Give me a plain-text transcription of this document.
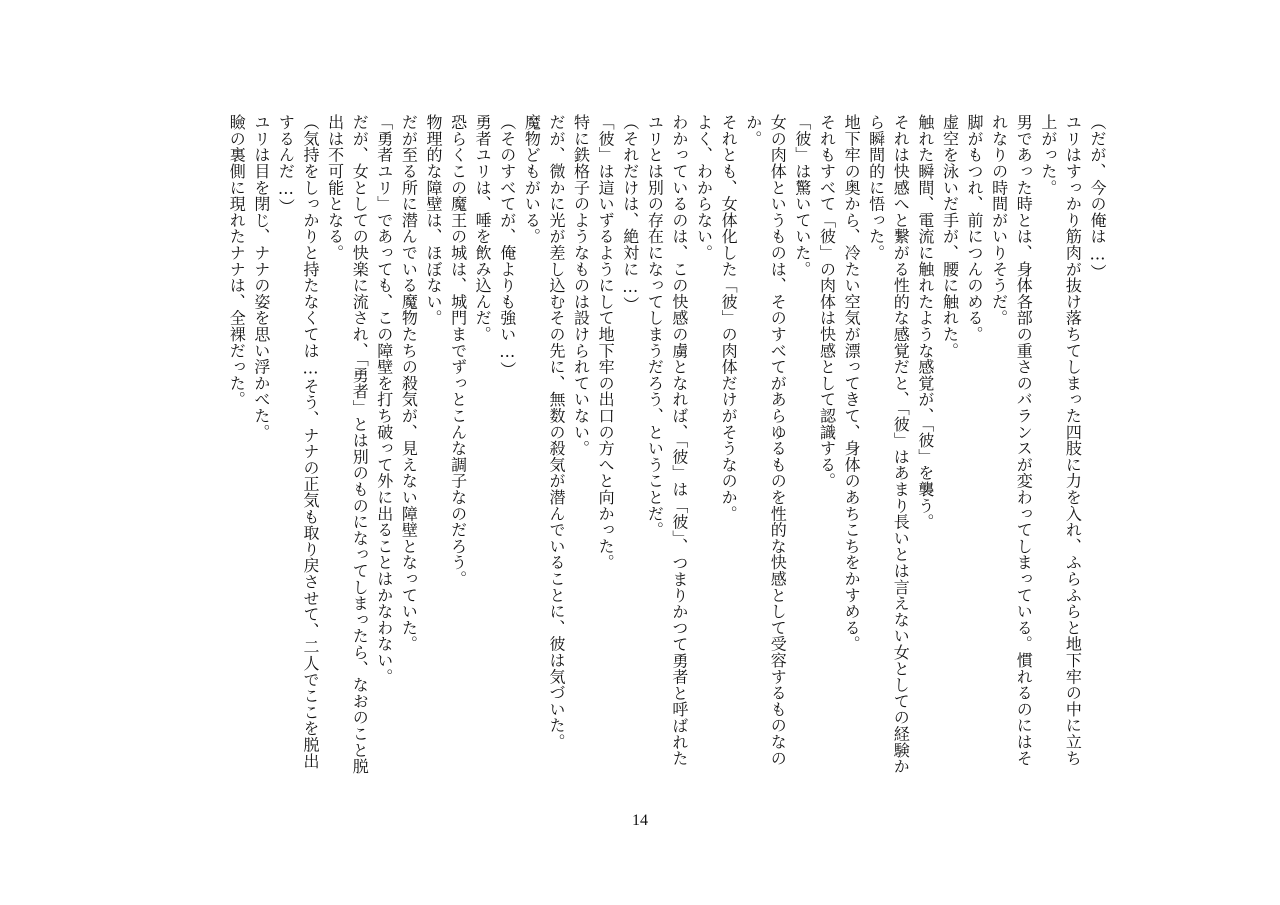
（だが、今の俺は…）
ユリはすっかり筋肉が抜け落ちてしまった四肢に力を入れ、ふらふらと地下牢の中に立ち
上がった。
男であった時とは、身体各部の重さのバランスが変わってしまっている。慣れるのにはそ
れなりの時間がいりそうだ。
脚がもつれ、前につんのめる。
虚空を泳いだ手が、腰に触れた。
触れた瞬間、電流に触れたような感覚が、「彼」を襲う。
それは快感へと繋がる性的な感覚だと、「彼」はあまり長いとは言えない女としての経験か
ら瞬間的に悟った。
地下牢の奥から、冷たい空気が漂ってきて、身体のあちこちをかすめる。
それもすべて「彼」の肉体は快感として認識する。
「彼」は驚いていた。
女の肉体というものは、そのすべてがあらゆるものを性的な快感として受容するものなの
か。
それとも、女体化した「彼」の肉体だけがそうなのか。
よく、わからない。
わかっているのは、この快感の虜となれば、「彼」は「彼」、つまりかつて勇者と呼ばれた
ユリとは別の存在になってしまうだろう、ということだ。
（それだけは、絶対に…）
「彼」は這いずるようにして地下牢の出口の方へと向かった。
特に鉄格子のようなものは設けられていない。
だが、微かに光が差し込むその先に、無数の殺気が潜んでいることに、彼は気づいた。
魔物どもがいる。
（そのすべてが、俺よりも強い…）
勇者ユリは、唾を飲み込んだ。
恐らくこの魔王の城は、城門までずっとこんな調子なのだろう。
物理的な障壁は、ほぼない。
だが至る所に潜んでいる魔物たちの殺気が、見えない障壁となっていた。
「勇者ユリ」であっても、この障壁を打ち破って外に出ることはかなわない。
だが、女としての快楽に流され、「勇者」とは別のものになってしまったら、なおのこと脱
出は不可能となる。
（気持をしっかりと持たなくては…そう、ナナの正気も取り戻させて、二人でここを脱出
するんだ…）
ユリは目を閉じ、ナナの姿を思い浮かべた。
瞼の裏側に現れたナナは、全裸だった。
14
